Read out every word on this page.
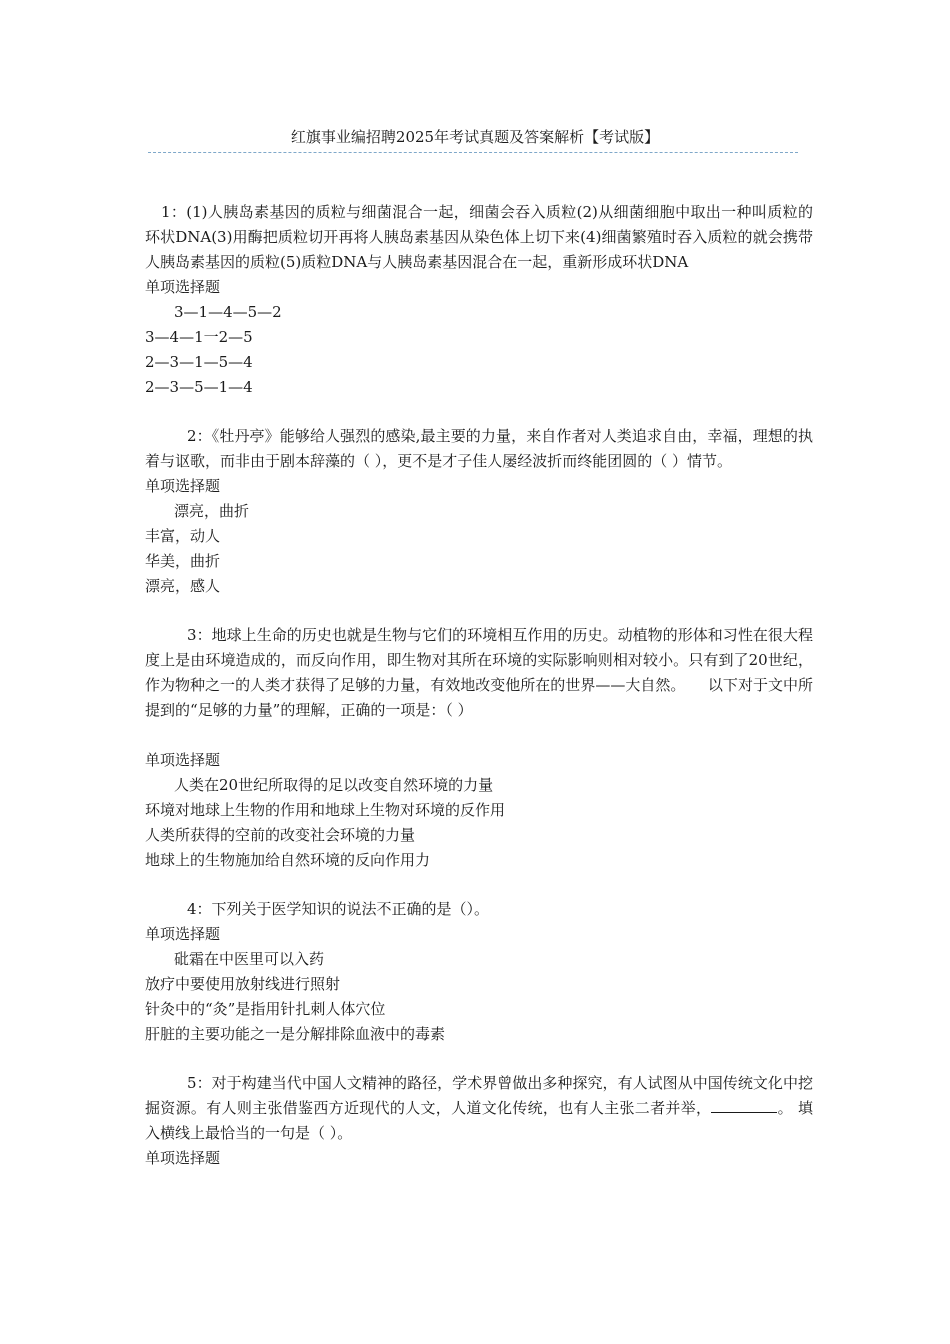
红旗事业编招聘2025年考试真题及答案解析【考试版】

1：(1)人胰岛素基因的质粒与细菌混合一起，细菌会吞入质粒(2)从细菌细胞中取出一种叫质粒的环状DNA(3)用酶把质粒切开再将人胰岛素基因从染色体上切下来(4)细菌繁殖时吞入质粒的就会携带人胰岛素基因的质粒(5)质粒DNA与人胰岛素基因混合在一起，重新形成环状DNA

单项选择题

3—1—4—5—2

3—4—1一2—5

2—3—1—5—4

2—3—5—1—4

2：《牡丹亭》能够给人强烈的感染,最主要的力量，来自作者对人类追求自由，幸福，理想的执着与讴歌，而非由于剧本辞藻的（ ），更不是才子佳人屡经波折而终能团圆的（ ）情节。

单项选择题

漂亮，曲折

丰富，动人

华美，曲折

漂亮，感人

3：地球上生命的历史也就是生物与它们的环境相互作用的历史。动植物的形体和习性在很大程度上是由环境造成的，而反向作用，即生物对其所在环境的实际影响则相对较小。只有到了20世纪，作为物种之一的人类才获得了足够的力量，有效地改变他所在的世界——大自然。　　以下对于文中所提到的“足够的力量”的理解，正确的一项是：（ ）

单项选择题

人类在20世纪所取得的足以改变自然环境的力量

环境对地球上生物的作用和地球上生物对环境的反作用

人类所获得的空前的改变社会环境的力量

地球上的生物施加给自然环境的反向作用力

4：下列关于医学知识的说法不正确的是（）。

单项选择题

砒霜在中医里可以入药

放疗中要使用放射线进行照射

针灸中的“灸”是指用针扎刺人体穴位

肝脏的主要功能之一是分解排除血液中的毒素

5：对于构建当代中国人文精神的路径，学术界曾做出多种探究，有人试图从中国传统文化中挖掘资源。有人则主张借鉴西方近现代的人文，人道文化传统，也有人主张二者并举，	。 填入横线上最恰当的一句是（ ）。

单项选择题
